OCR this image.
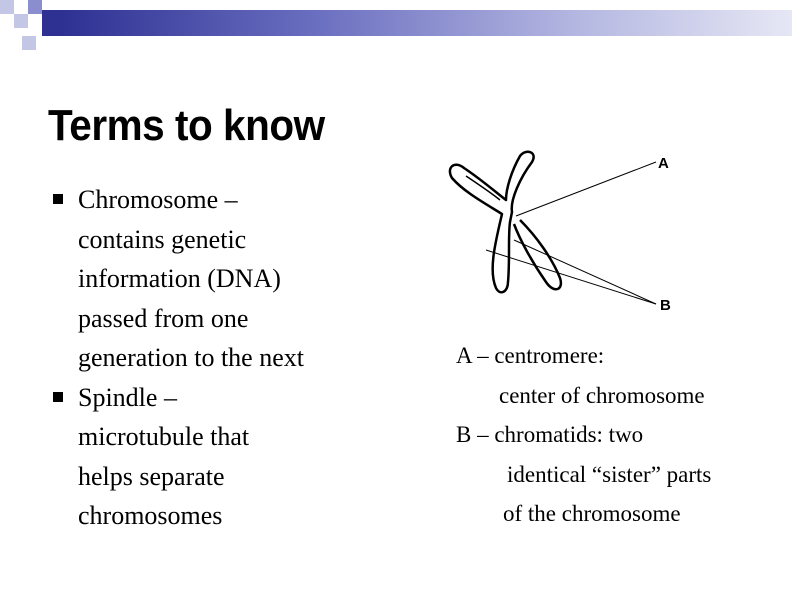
Terms to know
Chromosome –
contains genetic
information (DNA)
passed from one
generation to the next
Spindle –
microtubule that
helps separate
chromosomes
A
B
A – centromere:
center of chromosome
B – chromatids: two
identical “sister” parts
of the chromosome
